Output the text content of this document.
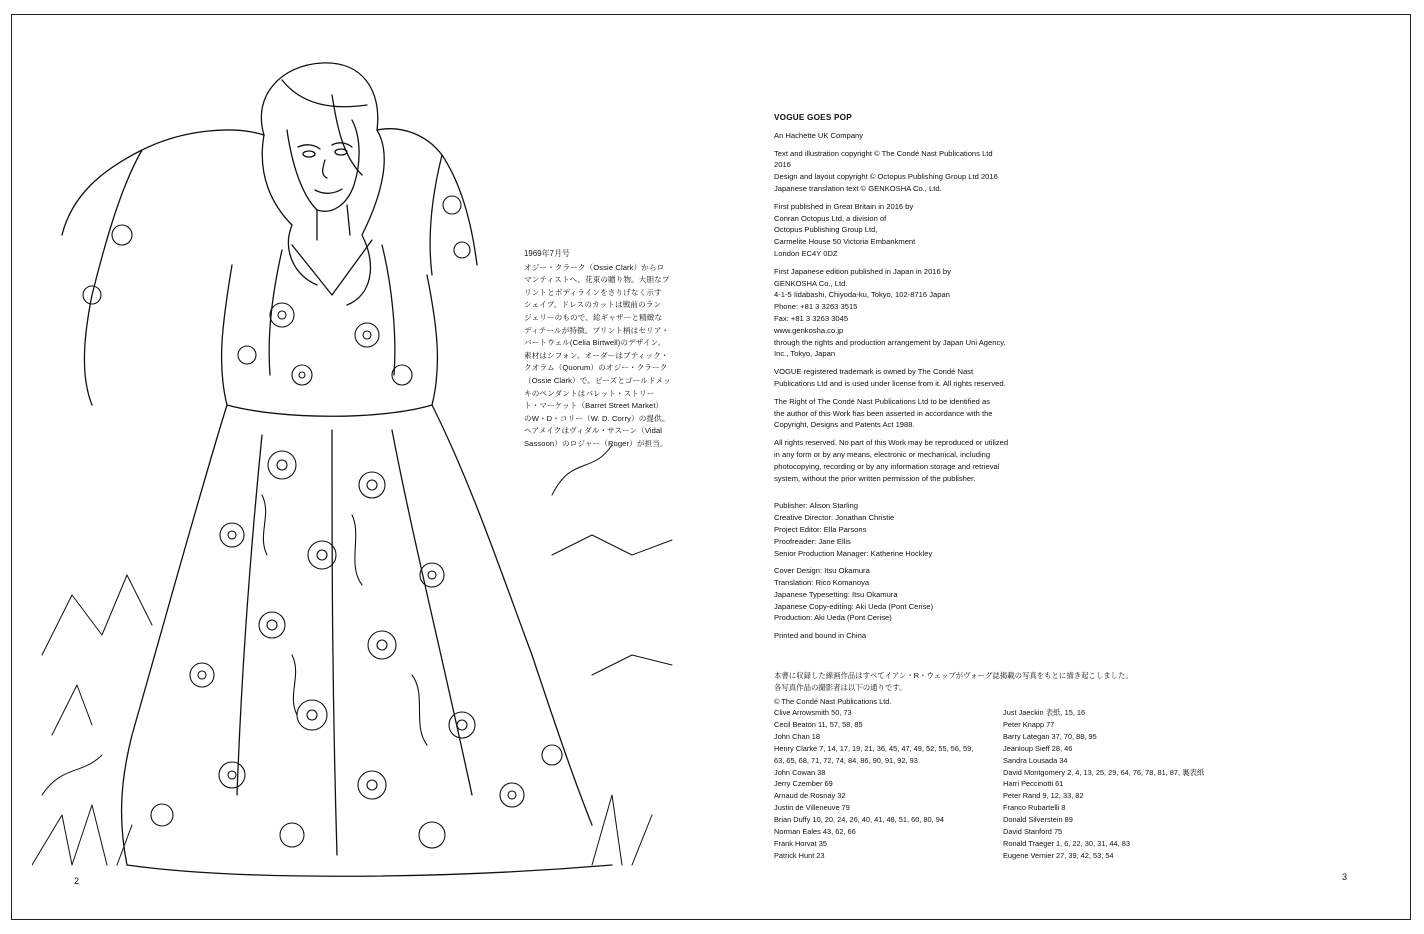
1969年7月号
オジー・クラーク（Ossie Clark）からロ
マンティストへ、花束の贈り物。大胆なプ
リントとボディラインをさりげなく示す
シェイプ。ドレスのカットは戦前のラン
ジェリーのもので、総ギャザーと精緻な
ディテールが特徴。プリント柄はセリア・
バートウェル(Celia Birtwell)のデザイン。
素材はシフォン。オーダーはブティック・
クオラム（Quorum）のオジー・クラーク
（Ossie Clark）で。ビーズとゴールドメッ
キのペンダントはバレット・ストリー
ト・マーケット（Barret Street Market）
のW・D・コリー（W. D. Corry）の提供。
ヘアメイクはヴィダル・サスーン（Vidal
Sassoon）のロジャー（Roger）が担当。
2	3
VOGUE GOES POP
An Hachette UK Company
Text and illustration copyright © The Condé Nast Publications Ltd
2016
Design and layout copyright © Octopus Publishing Group Ltd 2016
Japanese translation text © GENKOSHA Co., Ltd.
First published in Great Britain in 2016 by
Conran Octopus Ltd, a division of
Octopus Publishing Group Ltd,
Carmelite House 50 Victoria Embankment
London EC4Y 0DZ
First Japanese edition published in Japan in 2016 by
GENKOSHA Co., Ltd.
4-1-5 Iidabashi, Chiyoda-ku, Tokyo, 102-8716 Japan
Phone: +81 3 3263 3515
Fax: +81 3 3263 3045
www.genkosha.co.jp
through the rights and production arrangement by Japan Uni Agency,
Inc., Tokyo, Japan
VOGUE registered trademark is owned by The Condé Nast
Publications Ltd and is used under license from it. All rights reserved.
The Right of The Condé Nast Publications Ltd to be identified as
the author of this Work has been asserted in accordance with the
Copyright, Designs and Patents Act 1988.
All rights reserved. No part of this Work may be reproduced or utilized
in any form or by any means, electronic or mechanical, including
photocopying, recording or by any information storage and retrieval
system, without the prior written permission of the publisher.
Publisher: Alison Starling
Creative Director: Jonathan Christie
Project Editor: Ella Parsons
Proofreader: Jane Ellis
Senior Production Manager: Katherine Hockley
Cover Design: Itsu Okamura
Translation: Rico Komanoya
Japanese Typesetting: Itsu Okamura
Japanese Copy-editing: Aki Ueda (Pont Cerise)
Production: Aki Ueda (Pont Cerise)
Printed and bound in China
本書に収録した線画作品はすべてイアン・R・ウェッブがヴォーグ誌掲載の写真をもとに描き起こしました。
各写真作品の撮影者は以下の通りです。
© The Condé Nast Publications Ltd.
Clive Arrowsmith 50, 73
Cecil Beaton 11, 57, 58, 85
John Chan 18
Henry Clarke 7, 14, 17, 19, 21, 36, 45, 47, 49, 52, 55, 56, 59,
63, 65, 68, 71, 72, 74, 84, 86, 90, 91, 92, 93
John Cowan 38
Jerry Czember 69
Arnaud de Rosnay 32
Justin de Villeneuve 79
Brian Duffy 10, 20, 24, 26, 40, 41, 48, 51, 60, 80, 94
Norman Eales 43, 62, 66
Frank Horvat 35
Patrick Hunt 23
Just Jaeckin 表紙, 15, 16
Peter Knapp 77
Barry Lategan 37, 70, 88, 95
Jeanloup Sieff 28, 46
Sandra Lousada 34
David Montgomery 2, 4, 13, 25, 29, 64, 76, 78, 81, 87, 裏表紙
Harri Peccinotti 61
Peter Rand 9, 12, 33, 82
Franco Rubartelli 8
Donald Silverstein 89
David Stanford 75
Ronald Traeger 1, 6, 22, 30, 31, 44, 83
Eugene Vernier 27, 39, 42, 53, 54
